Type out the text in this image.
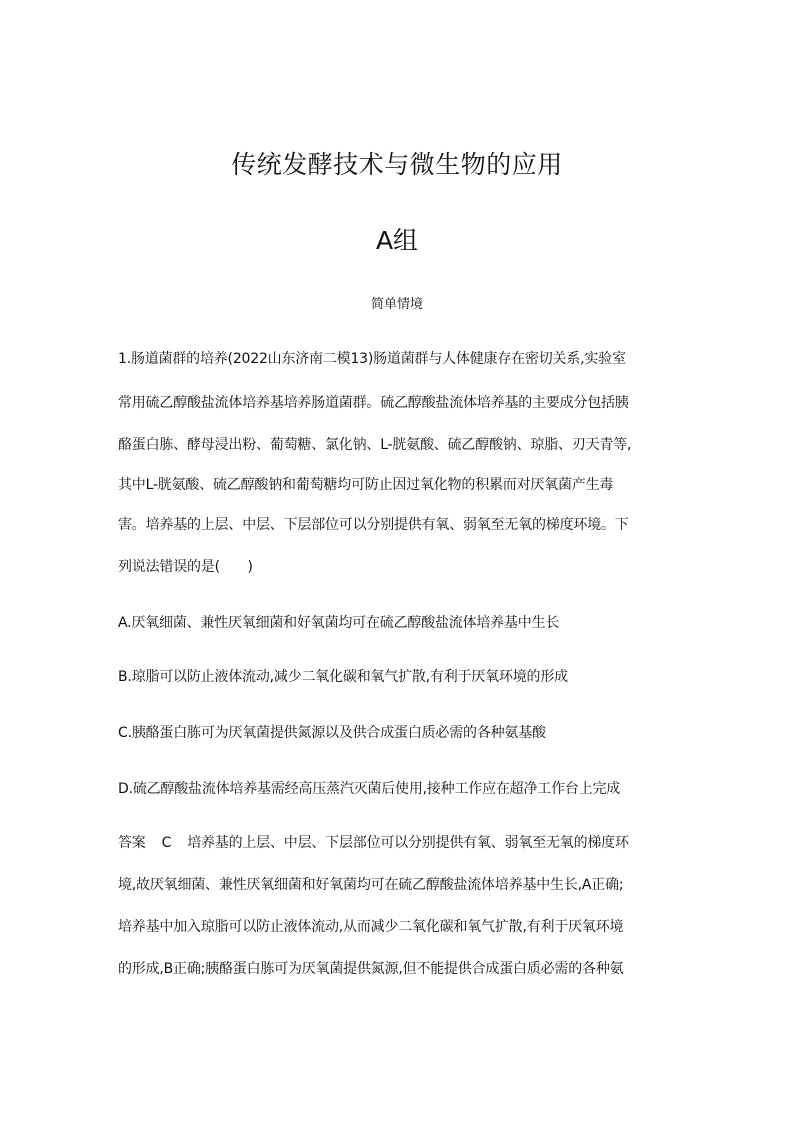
传统发酵技术与微生物的应用
A组
简单情境
1.肠道菌群的培养(2022山东济南二模13)肠道菌群与人体健康存在密切关系,实验室
常用硫乙醇酸盐流体培养基培养肠道菌群。硫乙醇酸盐流体培养基的主要成分包括胰
酪蛋白胨、酵母浸出粉、葡萄糖、氯化钠、L-胱氨酸、硫乙醇酸钠、琼脂、刃天青等,
其中L-胱氨酸、硫乙醇酸钠和葡萄糖均可防止因过氧化物的积累而对厌氧菌产生毒
害。培养基的上层、中层、下层部位可以分别提供有氧、弱氧至无氧的梯度环境。下
列说法错误的是(　　)
A.厌氧细菌、兼性厌氧细菌和好氧菌均可在硫乙醇酸盐流体培养基中生长
B.琼脂可以防止液体流动,减少二氧化碳和氧气扩散,有利于厌氧环境的形成
C.胰酪蛋白胨可为厌氧菌提供氮源以及供合成蛋白质必需的各种氨基酸
D.硫乙醇酸盐流体培养基需经高压蒸汽灭菌后使用,接种工作应在超净工作台上完成
答案 C 培养基的上层、中层、下层部位可以分别提供有氧、弱氧至无氧的梯度环
境,故厌氧细菌、兼性厌氧细菌和好氧菌均可在硫乙醇酸盐流体培养基中生长,A正确;
培养基中加入琼脂可以防止液体流动,从而减少二氧化碳和氧气扩散,有利于厌氧环境
的形成,B正确;胰酪蛋白胨可为厌氧菌提供氮源,但不能提供合成蛋白质必需的各种氨
